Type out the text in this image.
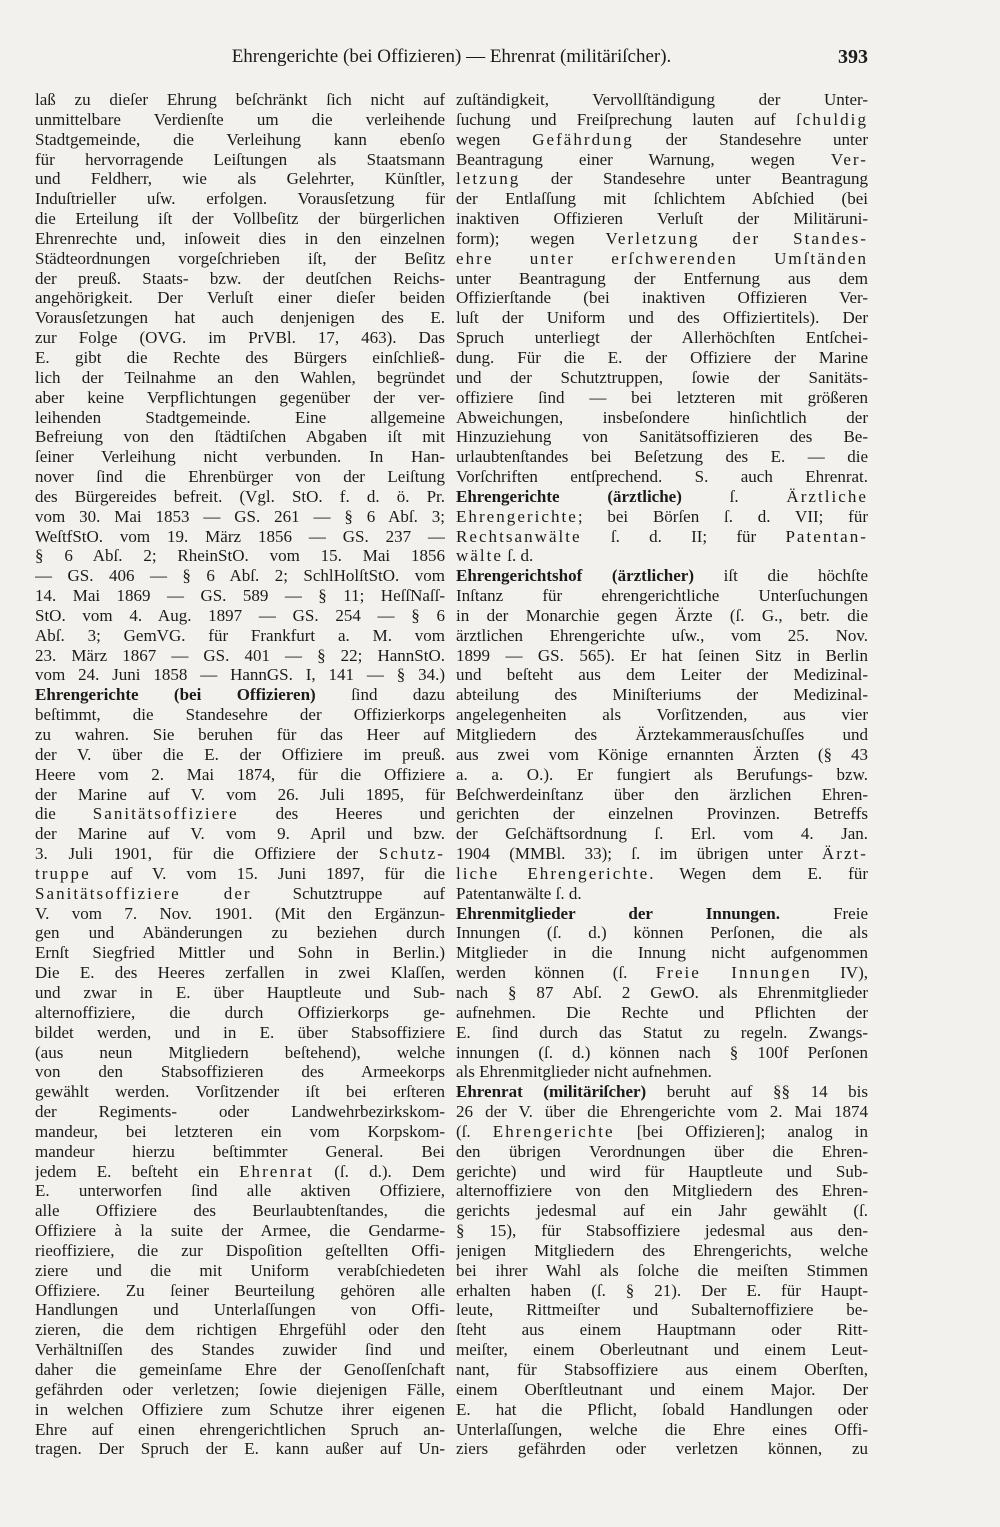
Ehrengerichte (bei Offizieren) — Ehrenrat (militäriſcher).	393
laß zu dieſer Ehrung beſchränkt ſich nicht auf
unmittelbare Verdienſte um die verleihende
Stadtgemeinde, die Verleihung kann ebenſo
für hervorragende Leiſtungen als Staatsmann
und Feldherr, wie als Gelehrter, Künſtler,
Induſtrieller uſw. erfolgen. Vorausſetzung für
die Erteilung iſt der Vollbeſitz der bürgerlichen
Ehrenrechte und, inſoweit dies in den einzelnen
Städteordnungen vorgeſchrieben iſt, der Beſitz
der preuß. Staats- bzw. der deutſchen Reichs-
angehörigkeit. Der Verluſt einer dieſer beiden
Vorausſetzungen hat auch denjenigen des E.
zur Folge (OVG. im PrVBl. 17, 463). Das
E. gibt die Rechte des Bürgers einſchließ-
lich der Teilnahme an den Wahlen, begründet
aber keine Verpflichtungen gegenüber der ver-
leihenden Stadtgemeinde. Eine allgemeine
Befreiung von den ſtädtiſchen Abgaben iſt mit
ſeiner Verleihung nicht verbunden. In Han-
nover ſind die Ehrenbürger von der Leiſtung
des Bürgereides befreit. (Vgl. StO. f. d. ö. Pr.
vom 30. Mai 1853 — GS. 261 — § 6 Abſ. 3;
WeſtfStO. vom 19. März 1856 — GS. 237 —
§ 6 Abſ. 2; RheinStO. vom 15. Mai 1856
— GS. 406 — § 6 Abſ. 2; SchlHolſtStO. vom
14. Mai 1869 — GS. 589 — § 11; HeſſNaſſ-
StO. vom 4. Aug. 1897 — GS. 254 — § 6
Abſ. 3; GemVG. für Frankfurt a. M. vom
23. März 1867 — GS. 401 — § 22; HannStO.
vom 24. Juni 1858 — HannGS. I, 141 — § 34.)
Ehrengerichte (bei Offizieren) ſind dazu
beſtimmt, die Standesehre der Offizierkorps
zu wahren. Sie beruhen für das Heer auf
der V. über die E. der Offiziere im preuß.
Heere vom 2. Mai 1874, für die Offiziere
der Marine auf V. vom 26. Juli 1895, für
die Sanitätsoffiziere des Heeres und
der Marine auf V. vom 9. April und bzw.
3. Juli 1901, für die Offiziere der Schutz-
truppe auf V. vom 15. Juni 1897, für die
Sanitätsoffiziere der Schutztruppe auf
V. vom 7. Nov. 1901. (Mit den Ergänzun-
gen und Abänderungen zu beziehen durch
Ernſt Siegfried Mittler und Sohn in Berlin.)
Die E. des Heeres zerfallen in zwei Klaſſen,
und zwar in E. über Hauptleute und Sub-
alternoffiziere, die durch Offizierkorps ge-
bildet werden, und in E. über Stabsoffiziere
(aus neun Mitgliedern beſtehend), welche
von den Stabsoffizieren des Armeekorps
gewählt werden. Vorſitzender iſt bei erſteren
der Regiments- oder Landwehrbezirkskom-
mandeur, bei letzteren ein vom Korpskom-
mandeur hierzu beſtimmter General. Bei
jedem E. beſteht ein Ehrenrat (ſ. d.). Dem
E. unterworfen ſind alle aktiven Offiziere,
alle Offiziere des Beurlaubtenſtandes, die
Offiziere à la suite der Armee, die Gendarme-
rieoffiziere, die zur Dispoſition geſtellten Offi-
ziere und die mit Uniform verabſchiedeten
Offiziere. Zu ſeiner Beurteilung gehören alle
Handlungen und Unterlaſſungen von Offi-
zieren, die dem richtigen Ehrgefühl oder den
Verhältniſſen des Standes zuwider ſind und
daher die gemeinſame Ehre der Genoſſenſchaft
gefährden oder verletzen; ſowie diejenigen Fälle,
in welchen Offiziere zum Schutze ihrer eigenen
Ehre auf einen ehrengerichtlichen Spruch an-
tragen. Der Spruch der E. kann außer auf Un-
zuſtändigkeit, Vervollſtändigung der Unter-
ſuchung und Freiſprechung lauten auf ſchuldig
wegen Gefährdung der Standesehre unter
Beantragung einer Warnung, wegen Ver-
letzung der Standesehre unter Beantragung
der Entlaſſung mit ſchlichtem Abſchied (bei
inaktiven Offizieren Verluſt der Militäruni-
form); wegen Verletzung der Standes-
ehre unter erſchwerenden Umſtänden
unter Beantragung der Entfernung aus dem
Offizierſtande (bei inaktiven Offizieren Ver-
luſt der Uniform und des Offiziertitels). Der
Spruch unterliegt der Allerhöchſten Entſchei-
dung. Für die E. der Offiziere der Marine
und der Schutztruppen, ſowie der Sanitäts-
offiziere ſind — bei letzteren mit größeren
Abweichungen, insbeſondere hinſichtlich der
Hinzuziehung von Sanitätsoffizieren des Be-
urlaubtenſtandes bei Beſetzung des E. — die
Vorſchriften entſprechend. S. auch Ehrenrat.
Ehrengerichte (ärztliche) ſ. Ärztliche
Ehrengerichte; bei Börſen ſ. d. VII; für
Rechtsanwälte ſ. d. II; für Patentan-
wälte ſ. d.
Ehrengerichtshof (ärztlicher) iſt die höchſte
Inſtanz für ehrengerichtliche Unterſuchungen
in der Monarchie gegen Ärzte (ſ. G., betr. die
ärztlichen Ehrengerichte uſw., vom 25. Nov.
1899 — GS. 565). Er hat ſeinen Sitz in Berlin
und beſteht aus dem Leiter der Medizinal-
abteilung des Miniſteriums der Medizinal-
angelegenheiten als Vorſitzenden, aus vier
Mitgliedern des Ärztekammerausſchuſſes und
aus zwei vom Könige ernannten Ärzten (§ 43
a. a. O.). Er fungiert als Berufungs- bzw.
Beſchwerdeinſtanz über den ärzlichen Ehren-
gerichten der einzelnen Provinzen. Betreffs
der Geſchäftsordnung ſ. Erl. vom 4. Jan.
1904 (MMBl. 33); ſ. im übrigen unter Ärzt-
liche Ehrengerichte. Wegen dem E. für
Patentanwälte ſ. d.
Ehrenmitglieder der Innungen. Freie
Innungen (ſ. d.) können Perſonen, die als
Mitglieder in die Innung nicht aufgenommen
werden können (ſ. Freie Innungen IV),
nach § 87 Abſ. 2 GewO. als Ehrenmitglieder
aufnehmen. Die Rechte und Pflichten der
E. ſind durch das Statut zu regeln. Zwangs-
innungen (ſ. d.) können nach § 100f Perſonen
als Ehrenmitglieder nicht aufnehmen.
Ehrenrat (militäriſcher) beruht auf §§ 14 bis
26 der V. über die Ehrengerichte vom 2. Mai 1874
(ſ. Ehrengerichte [bei Offizieren]; analog in
den übrigen Verordnungen über die Ehren-
gerichte) und wird für Hauptleute und Sub-
alternoffiziere von den Mitgliedern des Ehren-
gerichts jedesmal auf ein Jahr gewählt (ſ.
§ 15), für Stabsoffiziere jedesmal aus den-
jenigen Mitgliedern des Ehrengerichts, welche
bei ihrer Wahl als ſolche die meiſten Stimmen
erhalten haben (ſ. § 21). Der E. für Haupt-
leute, Rittmeiſter und Subalternoffiziere be-
ſteht aus einem Hauptmann oder Ritt-
meiſter, einem Oberleutnant und einem Leut-
nant, für Stabsoffiziere aus einem Oberſten,
einem Oberſtleutnant und einem Major. Der
E. hat die Pflicht, ſobald Handlungen oder
Unterlaſſungen, welche die Ehre eines Offi-
ziers gefährden oder verletzen können, zu
